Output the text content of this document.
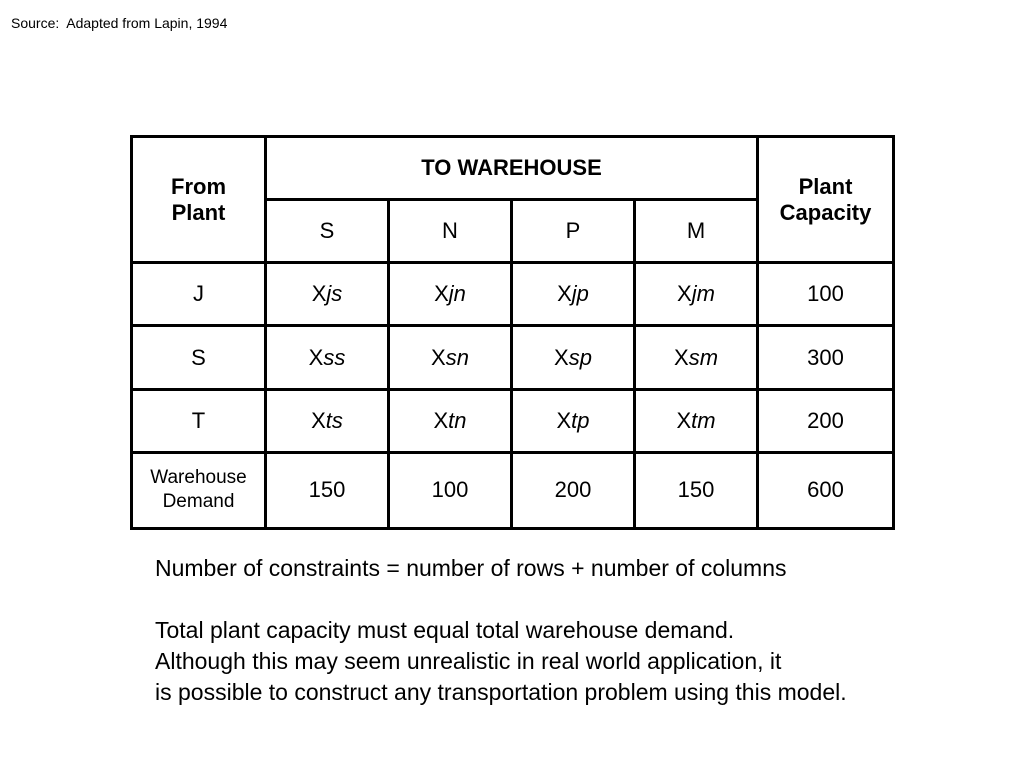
Source:  Adapted from Lapin, 1994
From
Plant	TO WAREHOUSE				Plant
Capacity
	S	N	P	M	
J	Xjs	Xjn	Xjp	Xjm	100
S	Xss	Xsn	Xsp	Xsm	300
T	Xts	Xtn	Xtp	Xtm	200
Warehouse
Demand	150	100	200	150	600
Number of constraints = number of rows + number of columns
Total plant capacity must equal total warehouse demand.
Although this may seem unrealistic in real world application, it
is possible to construct any transportation problem using this model.
